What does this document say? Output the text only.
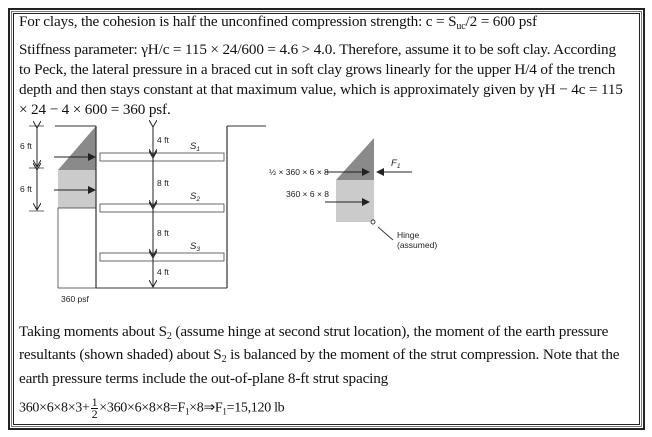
For clays, the cohesion is half the unconfined compression strength: $c = S_{uc}/2 = 600$ psf
Stiffness parameter: γH/c = 115 × 24/600 = 4.6 > 4.0. Therefore, assume it to be soft clay. According
to Peck, the lateral pressure in a braced cut in soft clay grows linearly for the upper H/4 of the trench
depth and then stays constant at that maximum value, which is approximately given by γH − 4c = 115
× 24 − 4 × 600 = 360 psf.
6 ft
6 ft
4 ft
8 ft
8 ft
4 ft
$S_1$
$S_2$
$S_3$
360 psf
½ × 360 × 6 × 8
360 × 6 × 8
$F_1$
Hinge
(assumed)
Taking moments about $S_2$ (assume hinge at second strut location), the moment of the earth pressure
resultants (shown shaded) about $S_2$ is balanced by the moment of the strut compression. Note that the
earth pressure terms include the out-of-plane 8-ft strut spacing
$360\times 6\times 8\times 3+ \frac{1}{2}$ $\times 360\times 6\times 8\times 8=F_1\times 8\Rightarrow F_1=15,120$ lb
